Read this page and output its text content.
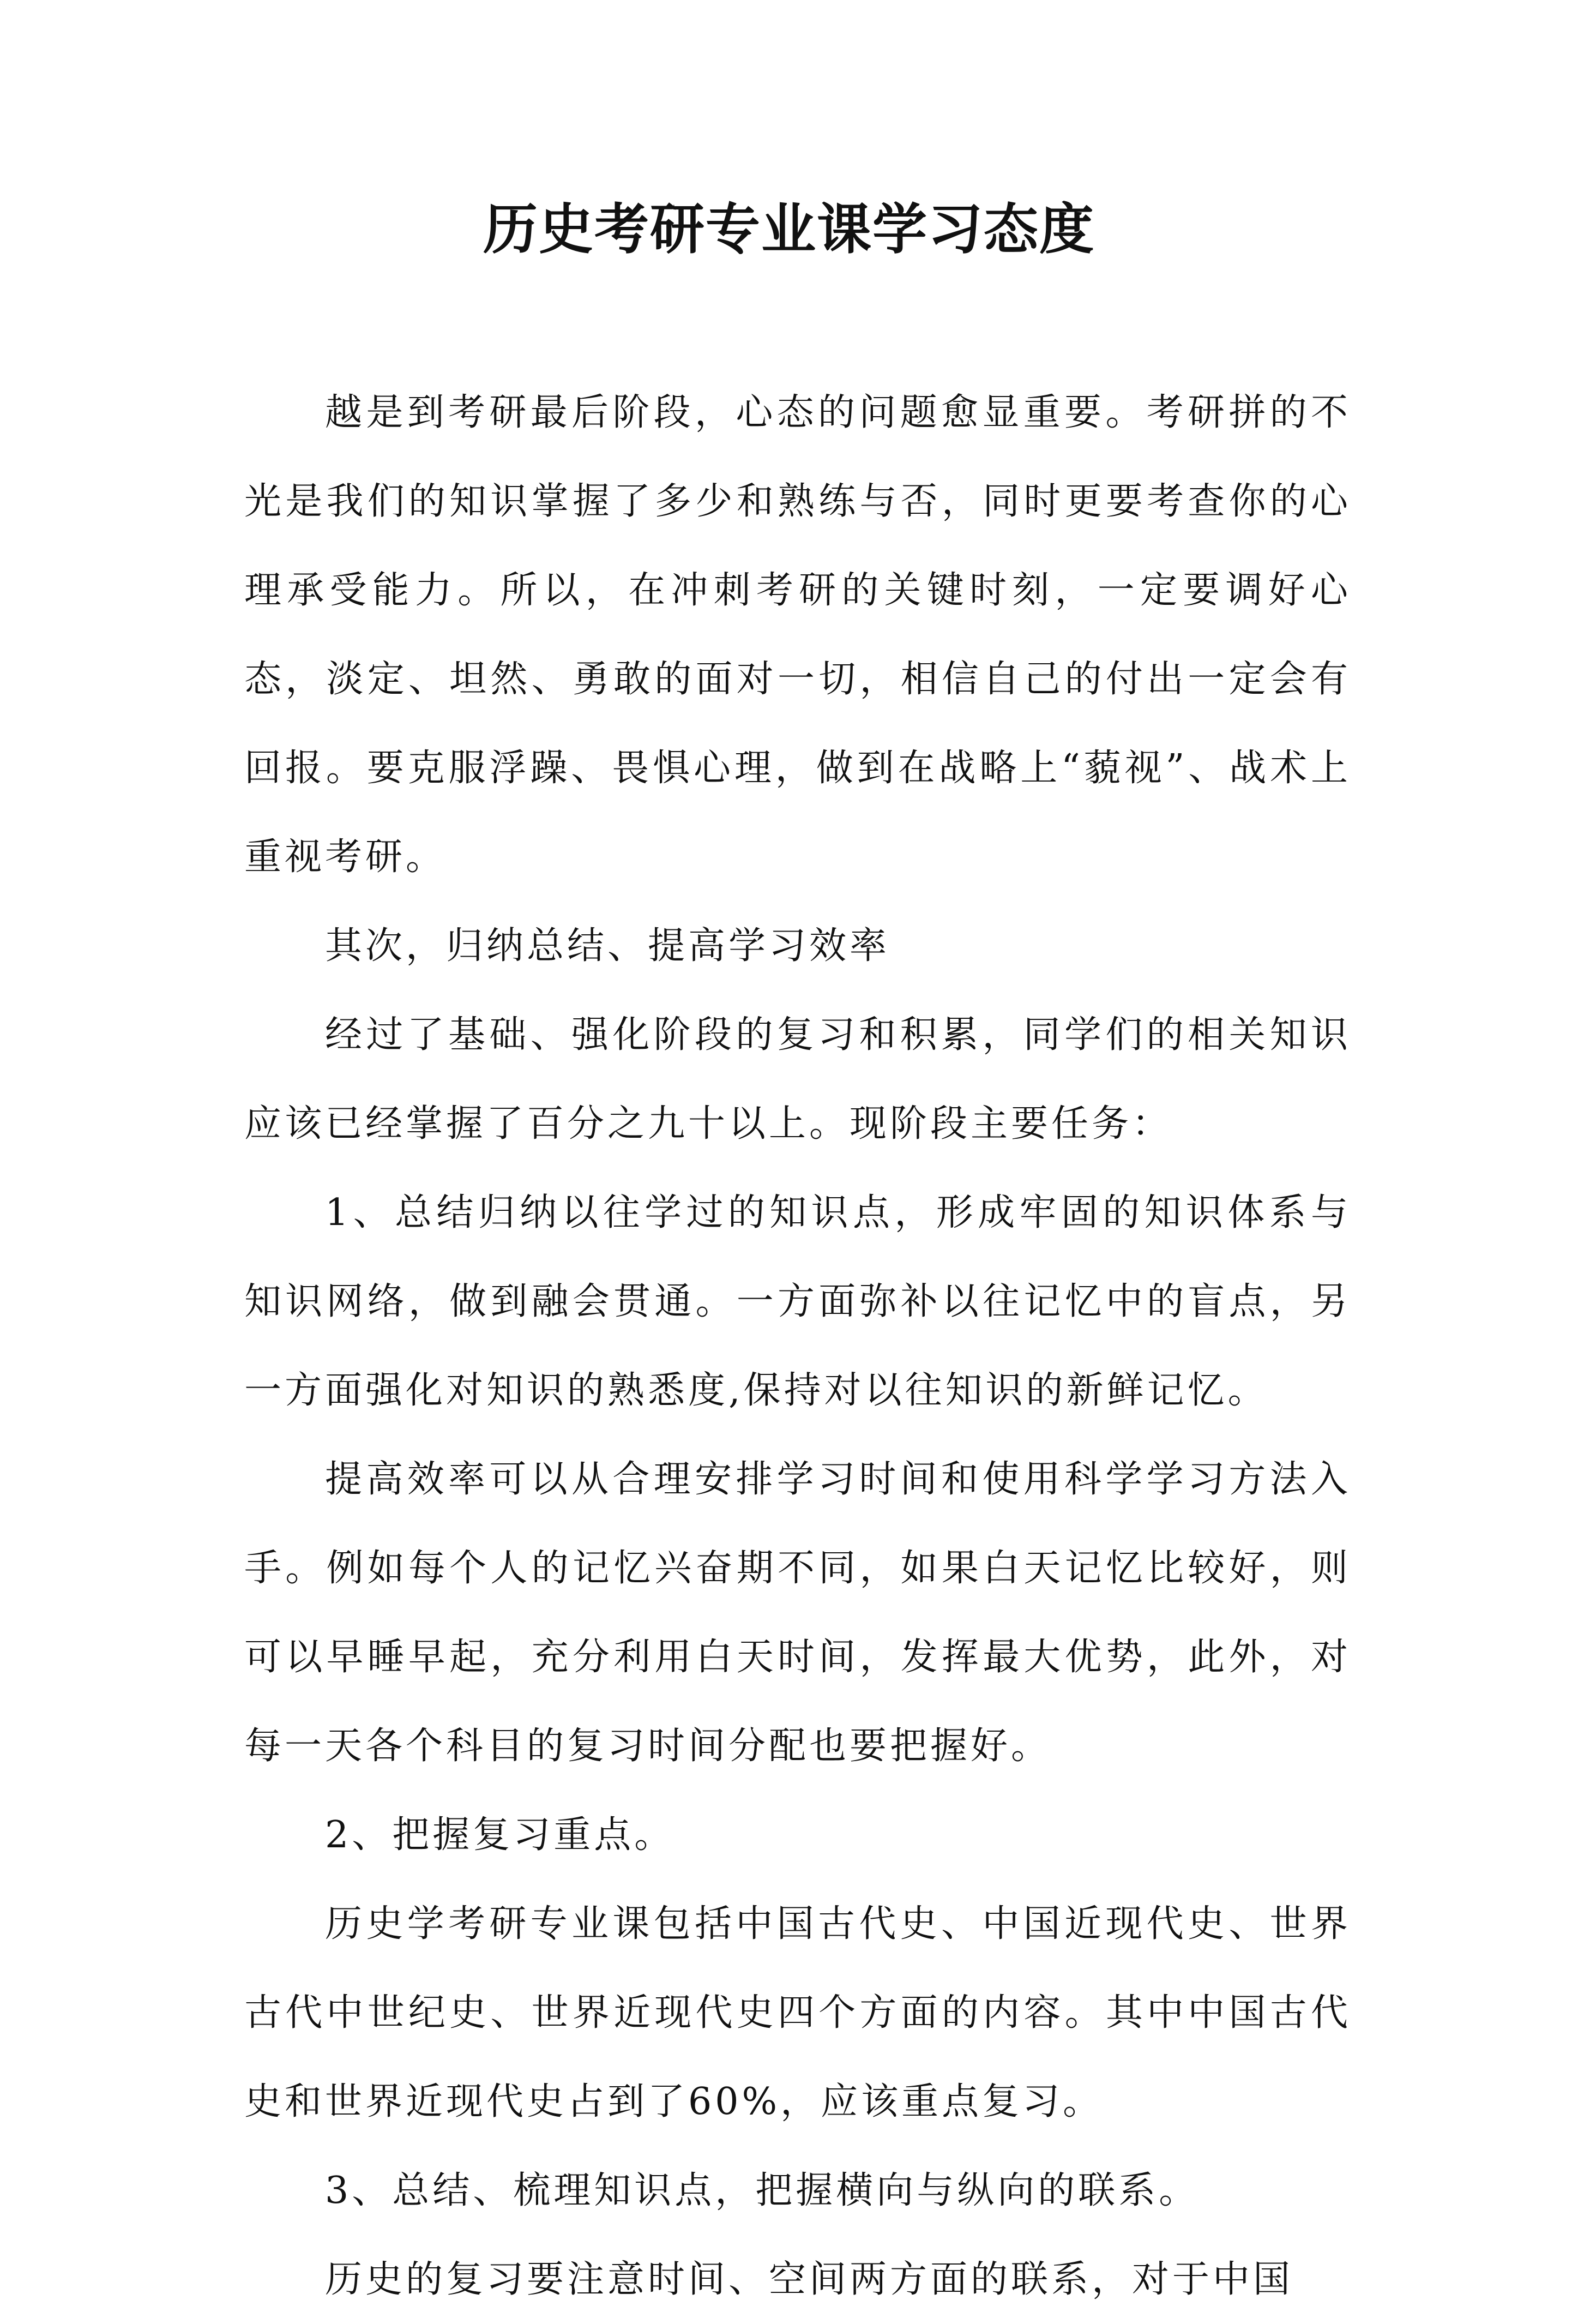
历史考研专业课学习态度

越是到考研最后阶段，心态的问题愈显重要。考研拼的不光是我们的知识掌握了多少和熟练与否，同时更要考查你的心理承受能力。所以，在冲刺考研的关键时刻，一定要调好心态，淡定、坦然、勇敢的面对一切，相信自己的付出一定会有回报。要克服浮躁、畏惧心理，做到在战略上“藐视”、战术上重视考研。

其次，归纳总结、提高学习效率

经过了基础、强化阶段的复习和积累，同学们的相关知识应该已经掌握了百分之九十以上。现阶段主要任务：

1、总结归纳以往学过的知识点，形成牢固的知识体系与知识网络，做到融会贯通。一方面弥补以往记忆中的盲点，另一方面强化对知识的熟悉度,保持对以往知识的新鲜记忆。

提高效率可以从合理安排学习时间和使用科学学习方法入手。例如每个人的记忆兴奋期不同，如果白天记忆比较好，则可以早睡早起，充分利用白天时间，发挥最大优势，此外，对每一天各个科目的复习时间分配也要把握好。

2、把握复习重点。

历史学考研专业课包括中国古代史、中国近现代史、世界古代中世纪史、世界近现代史四个方面的内容。其中中国古代史和世界近现代史占到了60%，应该重点复习。

3、总结、梳理知识点，把握横向与纵向的联系。

历史的复习要注意时间、空间两方面的联系，对于中国
